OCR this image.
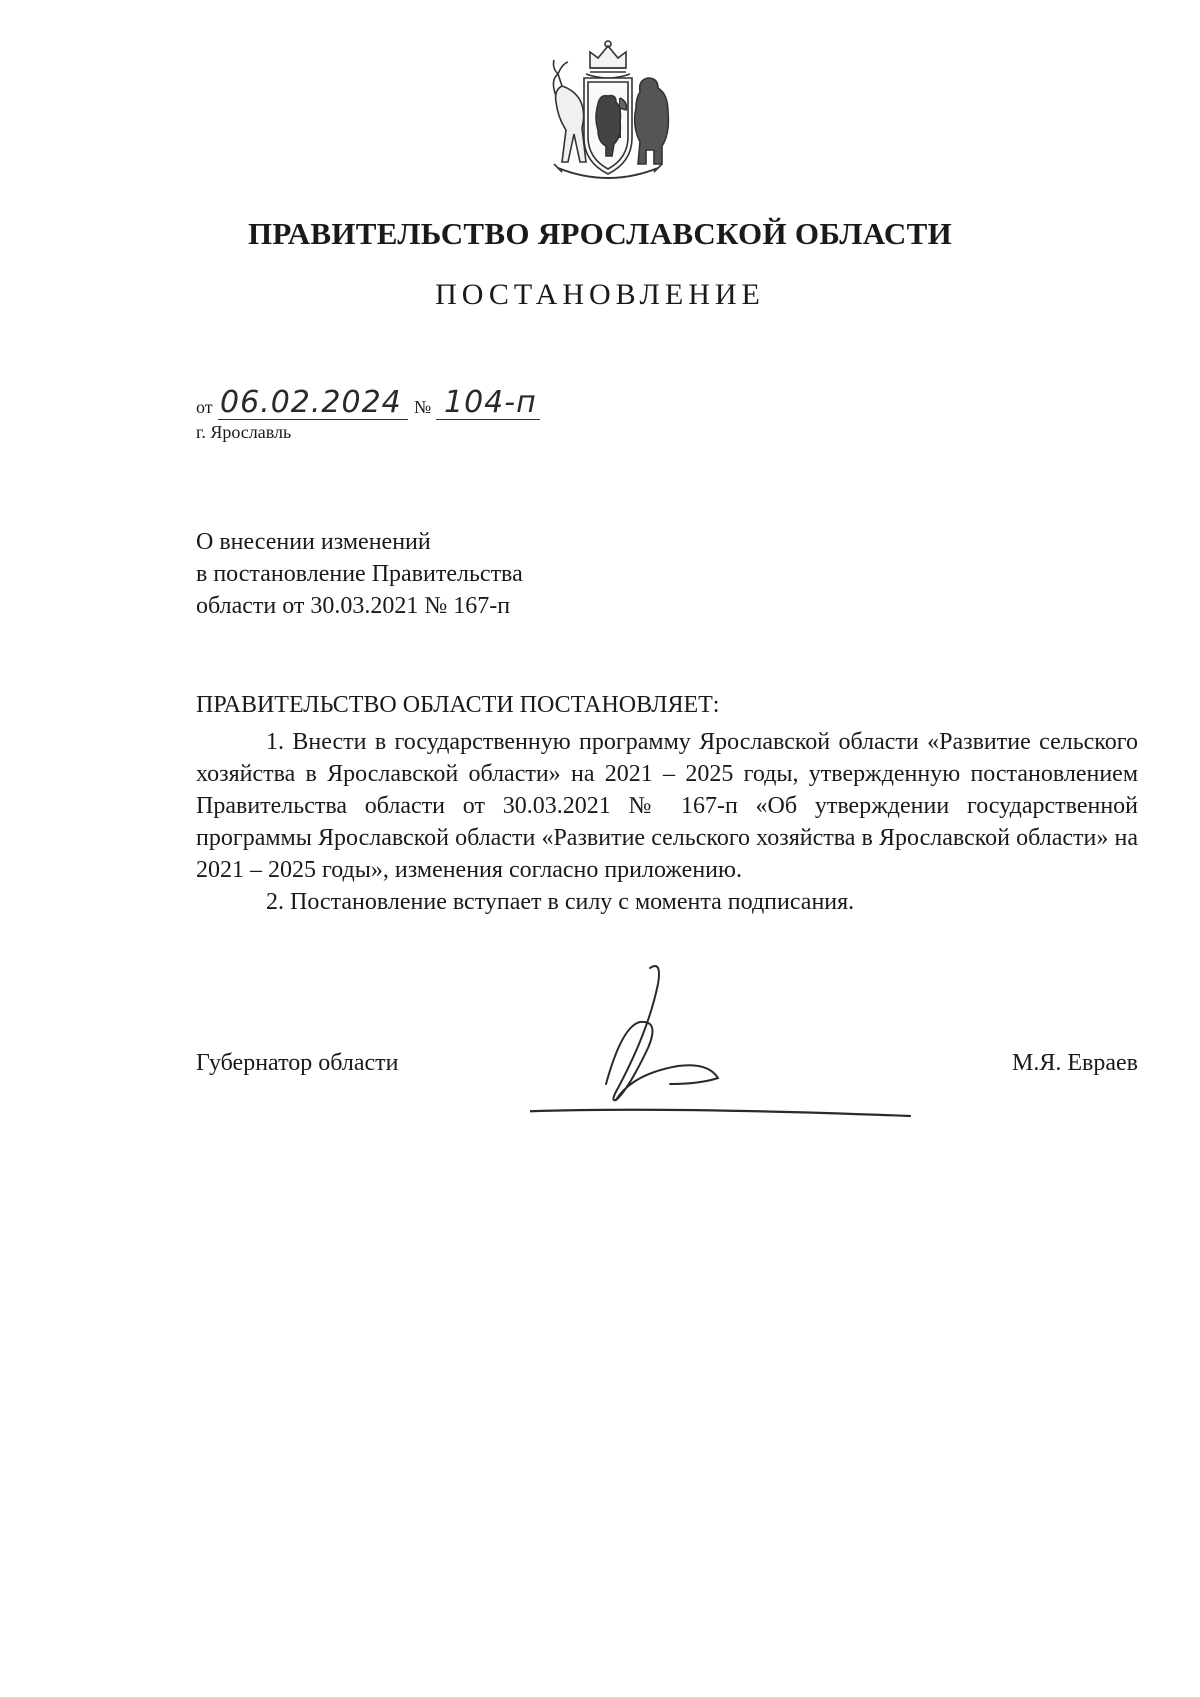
ПРАВИТЕЛЬСТВО ЯРОСЛАВСКОЙ ОБЛАСТИ
ПОСТАНОВЛЕНИЕ
от 06.02.2024 № 104-п
г. Ярославль
О внесении изменений
в постановление Правительства
области от 30.03.2021 № 167-п
ПРАВИТЕЛЬСТВО ОБЛАСТИ ПОСТАНОВЛЯЕТ:

1. Внести в государственную программу Ярославской области «Развитие сельского хозяйства в Ярославской области» на 2021 – 2025 годы, утвержденную постановлением Правительства области от 30.03.2021 № 167-п «Об утверждении государственной программы Ярославской области «Развитие сельского хозяйства в Ярославской области» на 2021 – 2025 годы», изменения согласно приложению.

2. Постановление вступает в силу с момента подписания.

Губернатор области	М.Я. Евраев
